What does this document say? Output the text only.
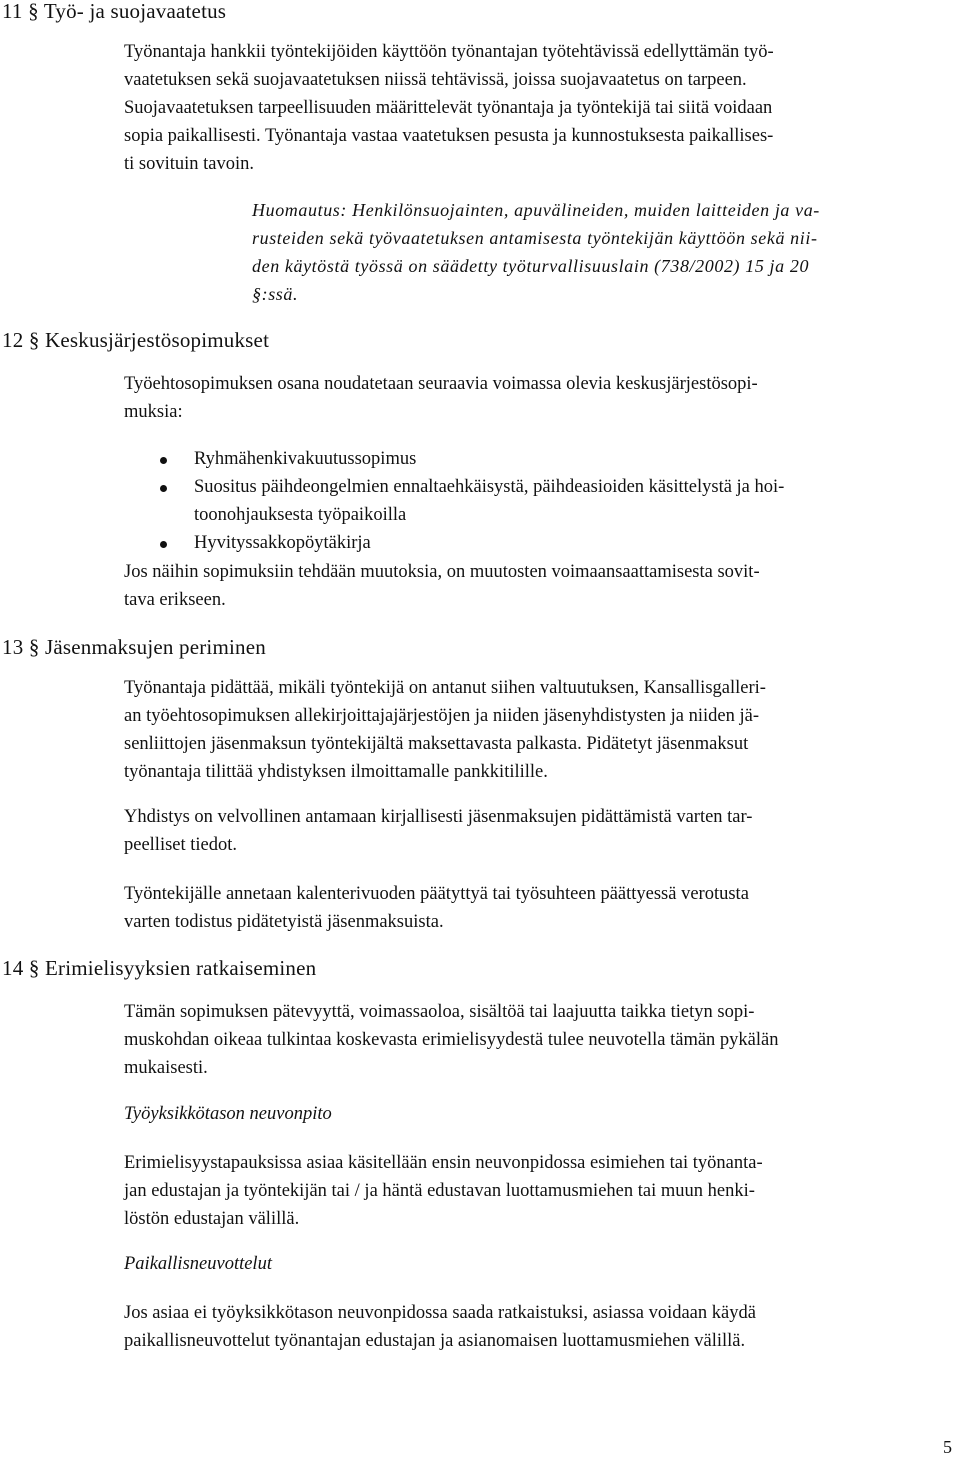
11 § Työ- ja suojavaatetus
Työnantaja hankkii työntekijöiden käyttöön työnantajan työtehtävissä edellyttämän työ-
vaatetuksen sekä suojavaatetuksen niissä tehtävissä, joissa suojavaatetus on tarpeen.
Suojavaatetuksen tarpeellisuuden määrittelevät työnantaja ja työntekijä tai siitä voidaan
sopia paikallisesti. Työnantaja vastaa vaatetuksen pesusta ja kunnostuksesta paikallises-
ti sovituin tavoin.
Huomautus: Henkilönsuojainten, apuvälineiden, muiden laitteiden ja va-
rusteiden sekä työvaatetuksen antamisesta työntekijän käyttöön sekä nii-
den käytöstä työssä on säädetty työturvallisuuslain (738/2002) 15 ja 20
§:ssä.
12 § Keskusjärjestösopimukset
Työehtosopimuksen osana noudatetaan seuraavia voimassa olevia keskusjärjestösopi-
muksia:
Ryhmähenkivakuutussopimus
Suositus päihdeongelmien ennaltaehkäisystä, päihdeasioiden käsittelystä ja hoi-
toonohjauksesta työpaikoilla
Hyvityssakkopöytäkirja
Jos näihin sopimuksiin tehdään muutoksia, on muutosten voimaansaattamisesta sovit-
tava erikseen.
13 § Jäsenmaksujen periminen
Työnantaja pidättää, mikäli työntekijä on antanut siihen valtuutuksen, Kansallisgalleri-
an työehtosopimuksen allekirjoittajajärjestöjen ja niiden jäsenyhdistysten ja niiden jä-
senliittojen jäsenmaksun työntekijältä maksettavasta palkasta. Pidätetyt jäsenmaksut
työnantaja tilittää yhdistyksen ilmoittamalle pankkitilille.
Yhdistys on velvollinen antamaan kirjallisesti jäsenmaksujen pidättämistä varten tar-
peelliset tiedot.
Työntekijälle annetaan kalenterivuoden päätyttyä tai työsuhteen päättyessä verotusta
varten todistus pidätetyistä jäsenmaksuista.
14 § Erimielisyyksien ratkaiseminen
Tämän sopimuksen pätevyyttä, voimassaoloa, sisältöä tai laajuutta taikka tietyn sopi-
muskohdan oikeaa tulkintaa koskevasta erimielisyydestä tulee neuvotella tämän pykälän
mukaisesti.
Työyksikkötason neuvonpito
Erimielisyystapauksissa asiaa käsitellään ensin neuvonpidossa esimiehen tai työnanta-
jan edustajan ja työntekijän tai / ja häntä edustavan luottamusmiehen tai muun henki-
löstön edustajan välillä.
Paikallisneuvottelut
Jos asiaa ei työyksikkötason neuvonpidossa saada ratkaistuksi, asiassa voidaan käydä
paikallisneuvottelut työnantajan edustajan ja asianomaisen luottamusmiehen välillä.
5
